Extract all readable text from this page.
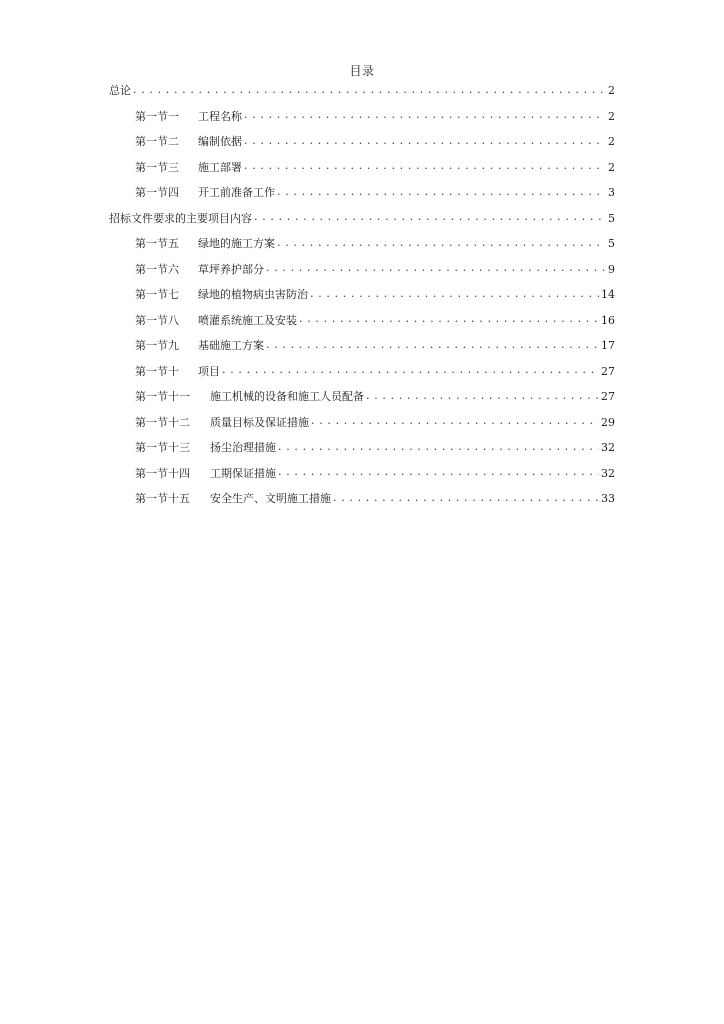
目录
总论 . . .	2
第一节一	工程名称 . . .	2
第一节二	编制依据 . . .	2
第一节三	施工部署 . . .	2
第一节四	开工前准备工作 . . .	3
招标文件要求的主要项目内容 . . .	5
第一节五	绿地的施工方案 . . .	5
第一节六	草坪养护部分 . . .	9
第一节七	绿地的植物病虫害防治 . . .	14
第一节八	喷灌系统施工及安装 . . .	16
第一节九	基础施工方案 . . .	17
第一节十	项目 . . .	27
第一节十一	施工机械的设备和施工人员配备 . . .	27
第一节十二	质量目标及保证措施 . . .	29
第一节十三	扬尘治理措施 . . .	32
第一节十四	工期保证措施 . . .	32
第一节十五	安全生产、文明施工措施 . . .	33
